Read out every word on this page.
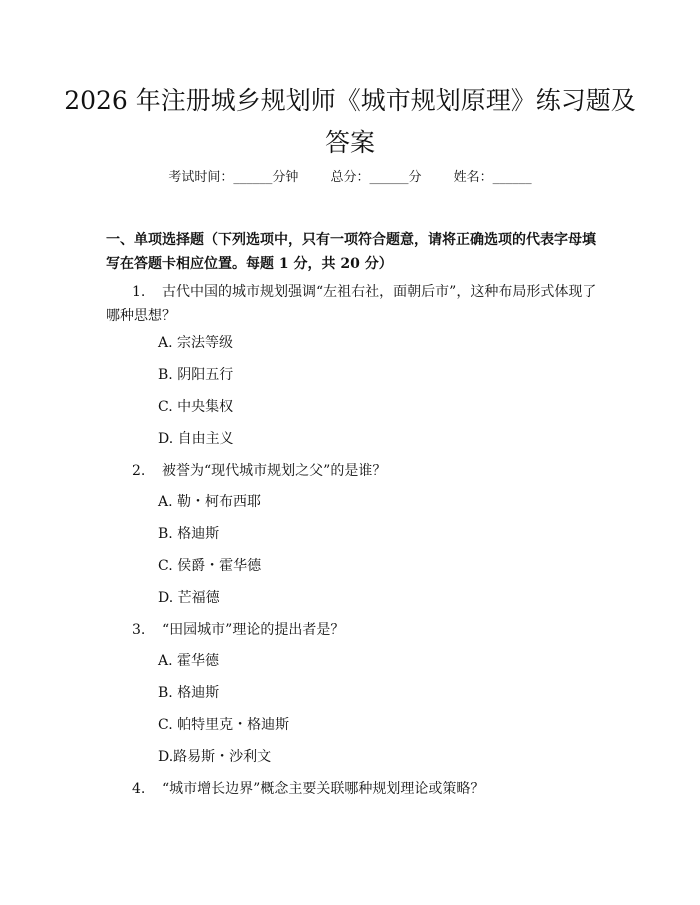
2026 年注册城乡规划师《城市规划原理》练习题及答案
考试时间：______分钟 总分：______分 姓名：______
一、单项选择题（下列选项中，只有一项符合题意，请将正确选项的代表字母填写在答题卡相应位置。每题 1 分，共 20 分）
1. 古代中国的城市规划强调“左祖右社，面朝后市”，这种布局形式体现了哪种思想？
A. 宗法等级
B. 阴阳五行
C. 中央集权
D. 自由主义
2. 被誉为“现代城市规划之父”的是谁？
A. 勒・柯布西耶
B. 格迪斯
C. 侯爵・霍华德
D. 芒福德
3. “田园城市”理论的提出者是？
A. 霍华德
B. 格迪斯
C. 帕特里克・格迪斯
D.路易斯・沙利文
4. “城市增长边界”概念主要关联哪种规划理论或策略？
